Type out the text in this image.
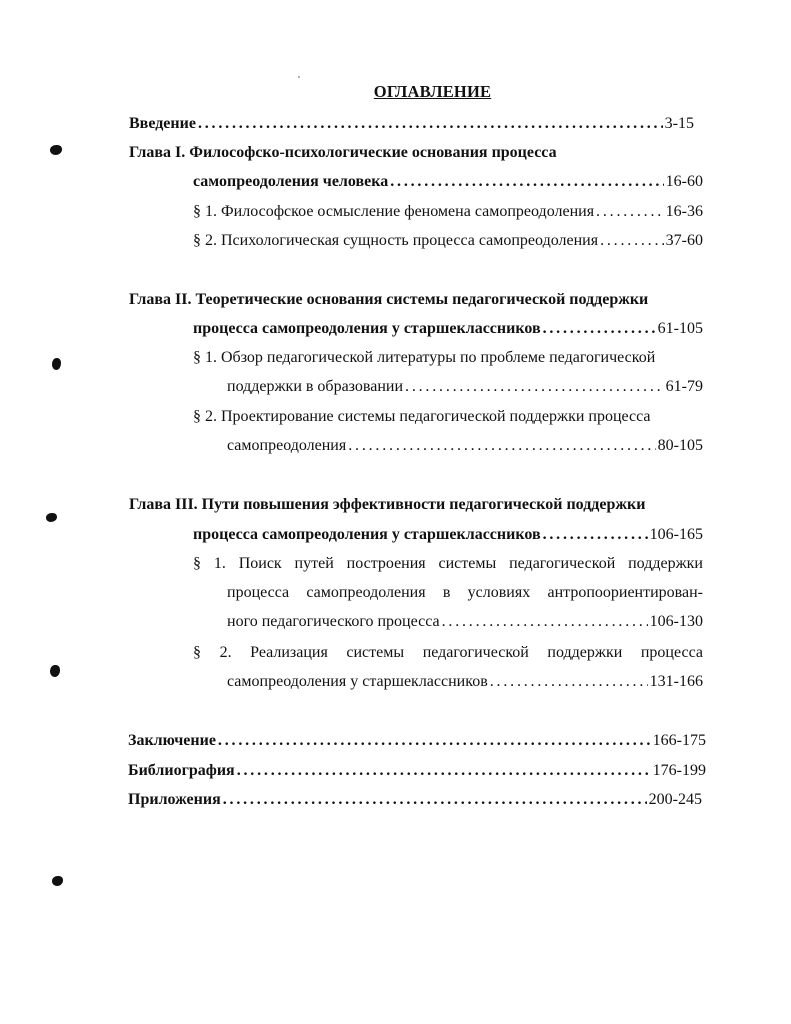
ОГЛАВЛЕНИЕ
Введение . . .	3-15
Глава I. Философско-психологические основания процесса
самопреодоления человека . . .	16-60
§ 1. Философское осмысление феномена самопреодоления . . .	16-36
§ 2. Психологическая сущность процесса самопреодоления . . .	37-60
Глава II. Теоретические основания системы педагогической поддержки
процесса самопреодоления у старшеклассников . . .	61-105
§ 1. Обзор педагогической литературы по проблеме педагогической
поддержки в образовании . . .	61-79
§ 2. Проектирование системы педагогической поддержки процесса
самопреодоления . . .	80-105
Глава III. Пути повышения эффективности педагогической поддержки
процесса самопреодоления у старшеклассников . . .	106-165
§ 1. Поиск путей построения системы педагогической поддержки
процесса самопреодоления в условиях антропоориентирован-
ного педагогического процесса . . .	106-130
§ 2. Реализация системы педагогической поддержки процесса
самопреодоления у старшеклассников . . .	131-166
Заключение . . .	166-175
Библиография . . .	176-199
Приложения . . .	200-245
